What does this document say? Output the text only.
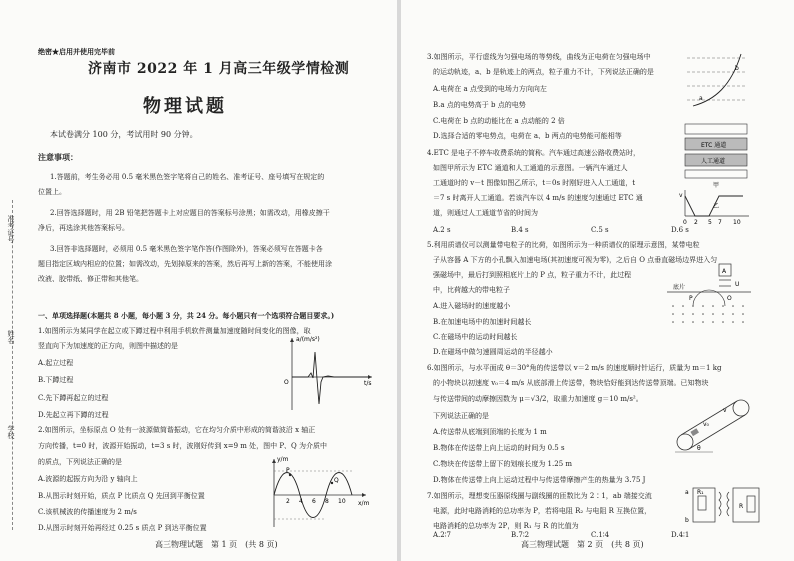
绝密★启用并使用完毕前
准考证号
姓名
学校
济南市 2022 年 1 月高三年级学情检测
物理试题
本试卷满分 100 分，考试用时 90 分钟。
注意事项：
1.答题前，考生务必用 0.5 毫米黑色签字笔将自己的姓名、准考证号、座号填写在规定的
位置上。
2.回答选择题时，用 2B 铅笔把答题卡上对应题目的答案标号涂黑；如需改动，用橡皮擦干
净后，再选涂其他答案标号。
3.回答非选择题时，必须用 0.5 毫米黑色签字笔作答(作图除外)，答案必须写在答题卡各
题目指定区域内相应的位置；如需改动，先划掉原来的答案，然后再写上新的答案，不能使用涂
改液、胶带纸、修正带和其他笔。
一、单项选择题(本题共 8 小题，每小题 3 分，共 24 分。每小题只有一个选项符合题目要求。)
1.如图所示为某同学在起立或下蹲过程中利用手机软件测量加速度随时间变化的图像，取
竖直向下为加速度的正方向，则图中描述的是
A.起立过程
B.下蹲过程
C.先下蹲再起立的过程
D.先起立再下蹲的过程
a/(m/s²)
t/s
O
2.如图所示，坐标原点 O 处有一波源做简谐振动，它在均匀介质中形成的简谐波沿 x 轴正
方向传播，t=0 时，波源开始振动，t=3 s 时，波刚好传到 x=9 m 处，图中 P、Q 为介质中
的质点，下列说法正确的是
A.波源的起振方向为沿 y 轴向上
B.从图示时刻开始，质点 P 比质点 Q 先回到平衡位置
C.该机械波的传播速度为 2 m/s
D.从图示时刻开始再经过 0.25 s 质点 P 到达平衡位置
P
Q
y/m
x/m
2 4 6 8 10
高三物理试题　第 1 页　(共 8 页)
3.如图所示，平行虚线为匀强电场的等势线，曲线为正电荷在匀强电场中
的运动轨迹，a、b 是轨迹上的两点，粒子重力不计，下列说法正确的是
A.电荷在 a 点受到的电场力方向向左
B.a 点的电势高于 b 点的电势
C.电荷在 b 点的动能比在 a 点动能的 2 倍
D.选择合适的零电势点，电荷在 a、b 两点的电势能可能相等
a
b
4.ETC 是电子不停车收费系统的简称。汽车通过高速公路收费站时，
如图甲所示为 ETC 通道和人工通道的示意图。一辆汽车通过人
工通道时的 v－t 图像如图乙所示，t＝0s 时刚好进入人工通道，t
＝7 s 时离开人工通道。若该汽车以 4 m/s 的速度匀速通过 ETC 通
道，则通过人工通道节省的时间为
A.2 s	B.4 s	C.5 s	D.6 s
ETC 通道
人工通道
甲
v
0 2 5 7 10
乙
5.利用质谱仪可以测量带电粒子的比荷，如图所示为一种质谱仪的原理示意图，某带电粒
子从容器 A 下方的小孔飘入加速电场(其初速度可视为零)，之后自 O 点垂直磁场边界进入匀
强磁场中，最后打到照相底片上的 P 点，粒子重力不计，此过程
中，比荷越大的带电粒子
A.进入磁场时的速度越小
B.在加速电场中的加速时间越长
C.在磁场中的运动时间越长
D.在磁场中做匀速圆周运动的半径越小
A
U
底片
O
P
6.如图所示，与水平面成 θ＝30°角的传送带以 v＝2 m/s 的速度顺时针运行，质量为 m＝1 kg
的小物块以初速度 v₀＝4 m/s 从底部滑上传送带，物块恰好能到达传送带顶端。已知物块
与传送带间的动摩擦因数为 μ＝√3/2，取重力加速度 g＝10 m/s²。
下列说法正确的是
A.传送带从底端到顶端的长度为 1 m
B.物体在传送带上向上运动的时间为 0.5 s
C.物块在传送带上留下的划痕长度为 1.25 m
D.物体在传送带上向上运动过程中与传送带摩擦产生的热量为 3.75 J
v₀
v
θ
7.如图所示，理想变压器原线圈与副线圈的匝数比为 2∶1，ab 端接交流
电源，此时电路消耗的总功率为 P，若将电阻 R₂ 与电阻 R 互换位置，
电路消耗的总功率为 2P，则 R₁ 与 R 的比值为
A.2∶7	B.7∶2	C.1∶4	D.4∶1
R₁
a
b
R
高三物理试题　第 2 页　(共 8 页)
